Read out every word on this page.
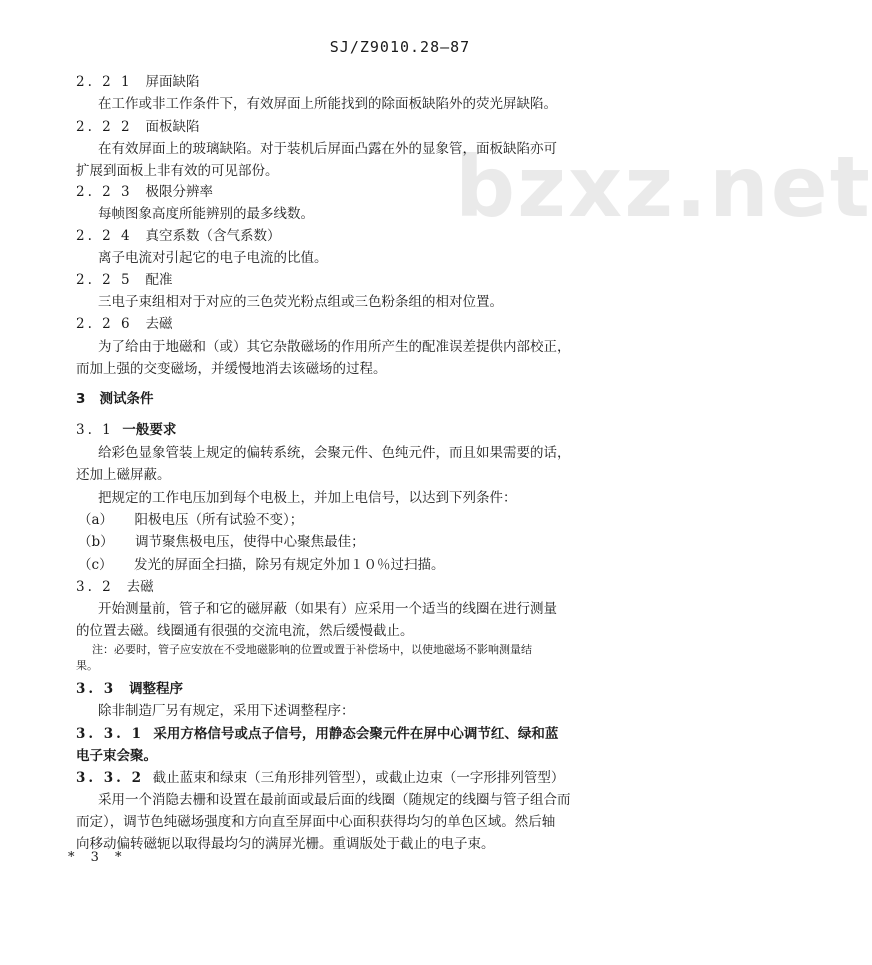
bzxz.net
SJ/Z9010.28—87
2. 2 1 屏面缺陷
在工作或非工作条件下，有效屏面上所能找到的除面板缺陷外的荧光屏缺陷。
2. 2 2 面板缺陷
在有效屏面上的玻璃缺陷。对于装机后屏面凸露在外的显象管，面板缺陷亦可
扩展到面板上非有效的可见部份。
2. 2 3 极限分辨率
每帧图象高度所能辨别的最多线数。
2. 2 4 真空系数（含气系数）
离子电流对引起它的电子电流的比值。
2. 2 5 配准
三电子束组相对于对应的三色荧光粉点组或三色粉条组的相对位置。
2. 2 6 去磁
为了给由于地磁和（或）其它杂散磁场的作用所产生的配准误差提供内部校正，
而加上强的交变磁场，并缓慢地消去该磁场的过程。
3 测试条件
3. 1 一般要求
给彩色显象管装上规定的偏转系统，会聚元件、色纯元件，而且如果需要的话，
还加上磁屏蔽。
把规定的工作电压加到每个电极上，并加上电信号，以达到下列条件：
（a） 阳极电压（所有试验不变）；
（b） 调节聚焦极电压，使得中心聚焦最佳；
（c） 发光的屏面全扫描，除另有规定外加１０％过扫描。
3. 2 去磁
开始测量前，管子和它的磁屏蔽（如果有）应采用一个适当的线圈在进行测量
的位置去磁。线圈通有很强的交流电流，然后缓慢截止。
注：必要时，管子应安放在不受地磁影响的位置或置于补偿场中，以使地磁场不影响测量结
果。
3. 3 调整程序
除非制造厂另有规定，采用下述调整程序：
3. 3. 1 采用方格信号或点子信号，用静态会聚元件在屏中心调节红、绿和蓝
电子束会聚。
3. 3. 2 截止蓝束和绿束（三角形排列管型），或截止边束（一字形排列管型）
采用一个消隐去栅和设置在最前面或最后面的线圈（随规定的线圈与管子组合而
而定），调节色纯磁场强度和方向直至屏面中心面积获得均匀的单色区域。然后轴
向移动偏转磁轭以取得最均匀的满屏光栅。重调版处于截止的电子束。
* 3 *
